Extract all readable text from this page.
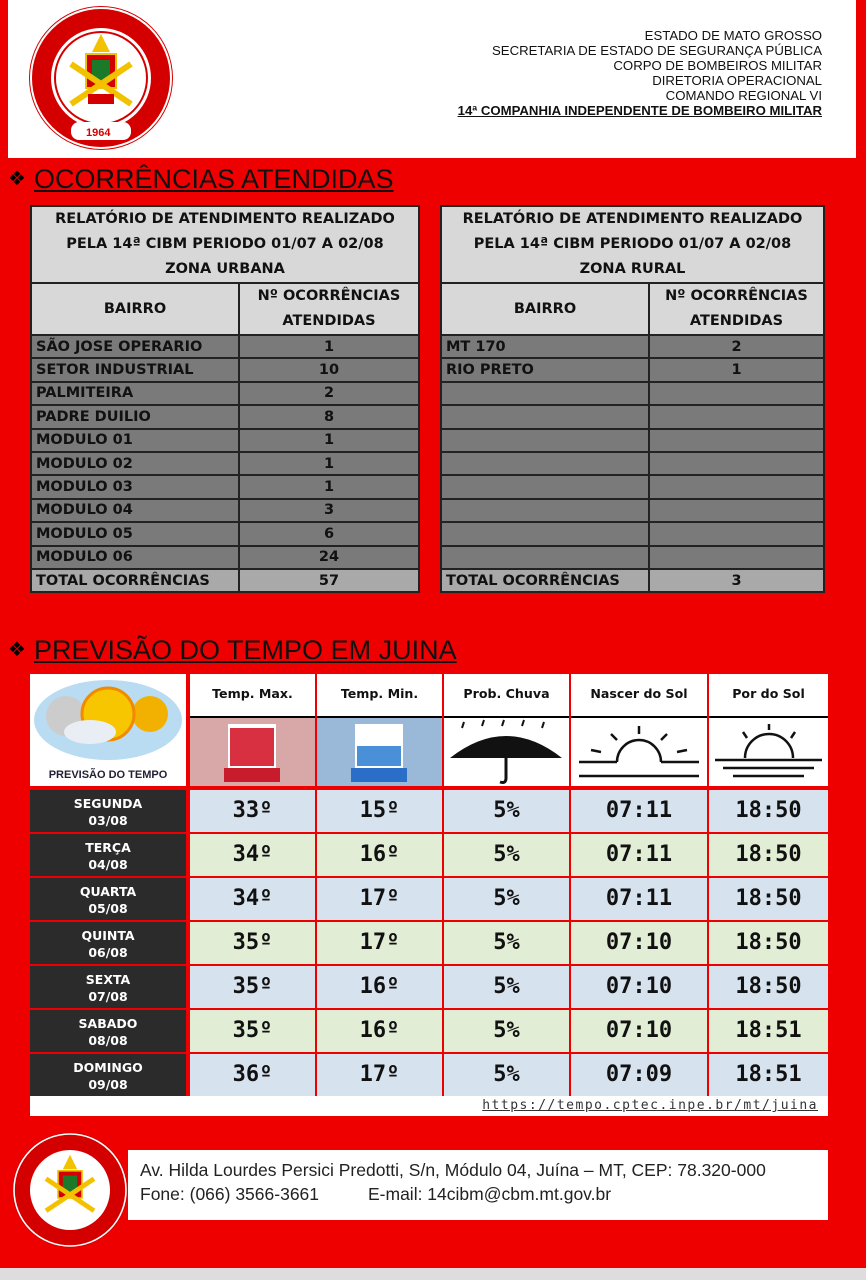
1964
ESTADO DE MATO GROSSO
SECRETARIA DE ESTADO DE SEGURANÇA PÚBLICA
CORPO DE BOMBEIROS MILITAR
DIRETORIA OPERACIONAL
COMANDO REGIONAL VI
14ª COMPANHIA INDEPENDENTE DE BOMBEIRO MILITAR
❖ OCORRÊNCIAS ATENDIDAS
RELATÓRIO DE ATENDIMENTO REALIZADO
PELA 14ª CIBM PERIODO 01/07 A 02/08
ZONA URBANA	

BAIRRO	Nº OCORRÊNCIAS
ATENDIDAS

SÃO JOSE OPERARIO	1
SETOR INDUSTRIAL	10
PALMITEIRA	2
PADRE DUILIO	8
MODULO 01	1
MODULO 02	1
MODULO 03	1
MODULO 04	3
MODULO 05	6
MODULO 06	24
TOTAL OCORRÊNCIAS	57
RELATÓRIO DE ATENDIMENTO REALIZADO
PELA 14ª CIBM PERIODO 01/07 A 02/08
ZONA RURAL	

BAIRRO	Nº OCORRÊNCIAS
ATENDIDAS

MT 170	2
RIO PRETO	1

TOTAL OCORRÊNCIAS	3
❖ PREVISÃO DO TEMPO EM JUINA
PREVISÃO DO TEMPO
Temp. Max.	Temp. Min.	Prob. Chuva	Nascer do Sol	Por do Sol
SEGUNDA
03/08	33º	15º	5%	07:11	18:50
TERÇA
04/08	34º	16º	5%	07:11	18:50
QUARTA
05/08	34º	17º	5%	07:11	18:50
QUINTA
06/08	35º	17º	5%	07:10	18:50
SEXTA
07/08	35º	16º	5%	07:10	18:50
SABADO
08/08	35º	16º	5%	07:10	18:51
DOMINGO
09/08	36º	17º	5%	07:09	18:51
https://tempo.cptec.inpe.br/mt/juina
Av. Hilda Lourdes Persici Predotti, S/n, Módulo 04, Juína – MT, CEP: 78.320-000
Fone: (066) 3566-3661	E-mail: 14cibm@cbm.mt.gov.br
